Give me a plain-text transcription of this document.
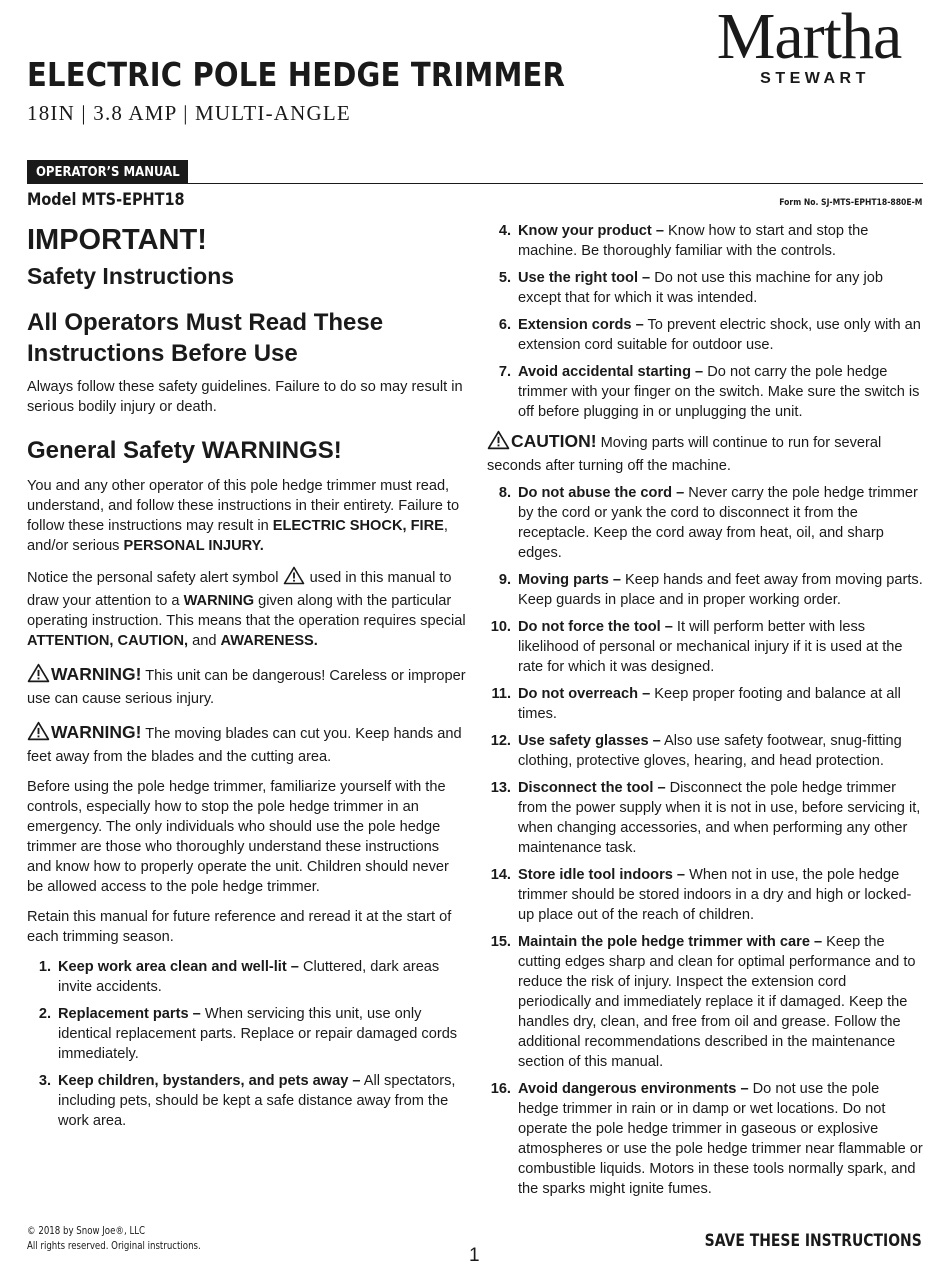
ELECTRIC POLE HEDGE TRIMMER
18IN | 3.8 AMP | MULTI-ANGLE
Martha
STEWART
OPERATOR’S MANUAL
Model MTS-EPHT18	Form No. SJ-MTS-EPHT18-880E-M
IMPORTANT!
Safety Instructions
All Operators Must Read These Instructions Before Use

Always follow these safety guidelines. Failure to do so may result in serious bodily injury or death.

General Safety WARNINGS!

You and any other operator of this pole hedge trimmer must read, understand, and follow these instructions in their entirety. Failure to follow these instructions may result in ELECTRIC SHOCK, FIRE, and/or serious PERSONAL INJURY.

Notice the personal safety alert symbol  used in this manual to draw your attention to a WARNING given along with the particular operating instruction. This means that the operation requires special ATTENTION, CAUTION, and AWARENESS.

WARNING! This unit can be dangerous! Careless or improper use can cause serious injury.

WARNING! The moving blades can cut you. Keep hands and feet away from the blades and the cutting area.

Before using the pole hedge trimmer, familiarize yourself with the controls, especially how to stop the pole hedge trimmer in an emergency. The only individuals who should use the pole hedge trimmer are those who thoroughly understand these instructions and know how to properly operate the unit. Children should never be allowed access to the pole hedge trimmer.

Retain this manual for future reference and reread it at the start of each trimming season.

1. Keep work area clean and well-lit – Cluttered, dark areas invite accidents.
2. Replacement parts – When servicing this unit, use only identical replacement parts. Replace or repair damaged cords immediately.
3. Keep children, bystanders, and pets away – All spectators, including pets, should be kept a safe distance away from the work area.
4. Know your product – Know how to start and stop the machine. Be thoroughly familiar with the controls.
5. Use the right tool – Do not use this machine for any job except that for which it was intended.
6. Extension cords – To prevent electric shock, use only with an extension cord suitable for outdoor use.
7. Avoid accidental starting – Do not carry the pole hedge trimmer with your finger on the switch. Make sure the switch is off before plugging in or unplugging the unit.

CAUTION! Moving parts will continue to run for several seconds after turning off the machine.

8. Do not abuse the cord – Never carry the pole hedge trimmer by the cord or yank the cord to disconnect it from the receptacle. Keep the cord away from heat, oil, and sharp edges.
9. Moving parts – Keep hands and feet away from moving parts. Keep guards in place and in proper working order.
10. Do not force the tool – It will perform better with less likelihood of personal or mechanical injury if it is used at the rate for which it was designed.
11. Do not overreach – Keep proper footing and balance at all times.
12. Use safety glasses – Also use safety footwear, snug-fitting clothing, protective gloves, hearing, and head protection.
13. Disconnect the tool – Disconnect the pole hedge trimmer from the power supply when it is not in use, before servicing it, when changing accessories, and when performing any other maintenance task.
14. Store idle tool indoors – When not in use, the pole hedge trimmer should be stored indoors in a dry and high or locked-up place out of the reach of children.
15. Maintain the pole hedge trimmer with care – Keep the cutting edges sharp and clean for optimal performance and to reduce the risk of injury. Inspect the extension cord periodically and immediately replace it if damaged. Keep the handles dry, clean, and free from oil and grease. Follow the additional recommendations described in the maintenance section of this manual.
16. Avoid dangerous environments – Do not use the pole hedge trimmer in rain or in damp or wet locations. Do not operate the pole hedge trimmer in gaseous or explosive atmospheres or use the pole hedge trimmer near flammable or combustible liquids. Motors in these tools normally spark, and the sparks might ignite fumes.
© 2018 by Snow Joe®, LLC
All rights reserved. Original instructions.	1
SAVE THESE INSTRUCTIONS
